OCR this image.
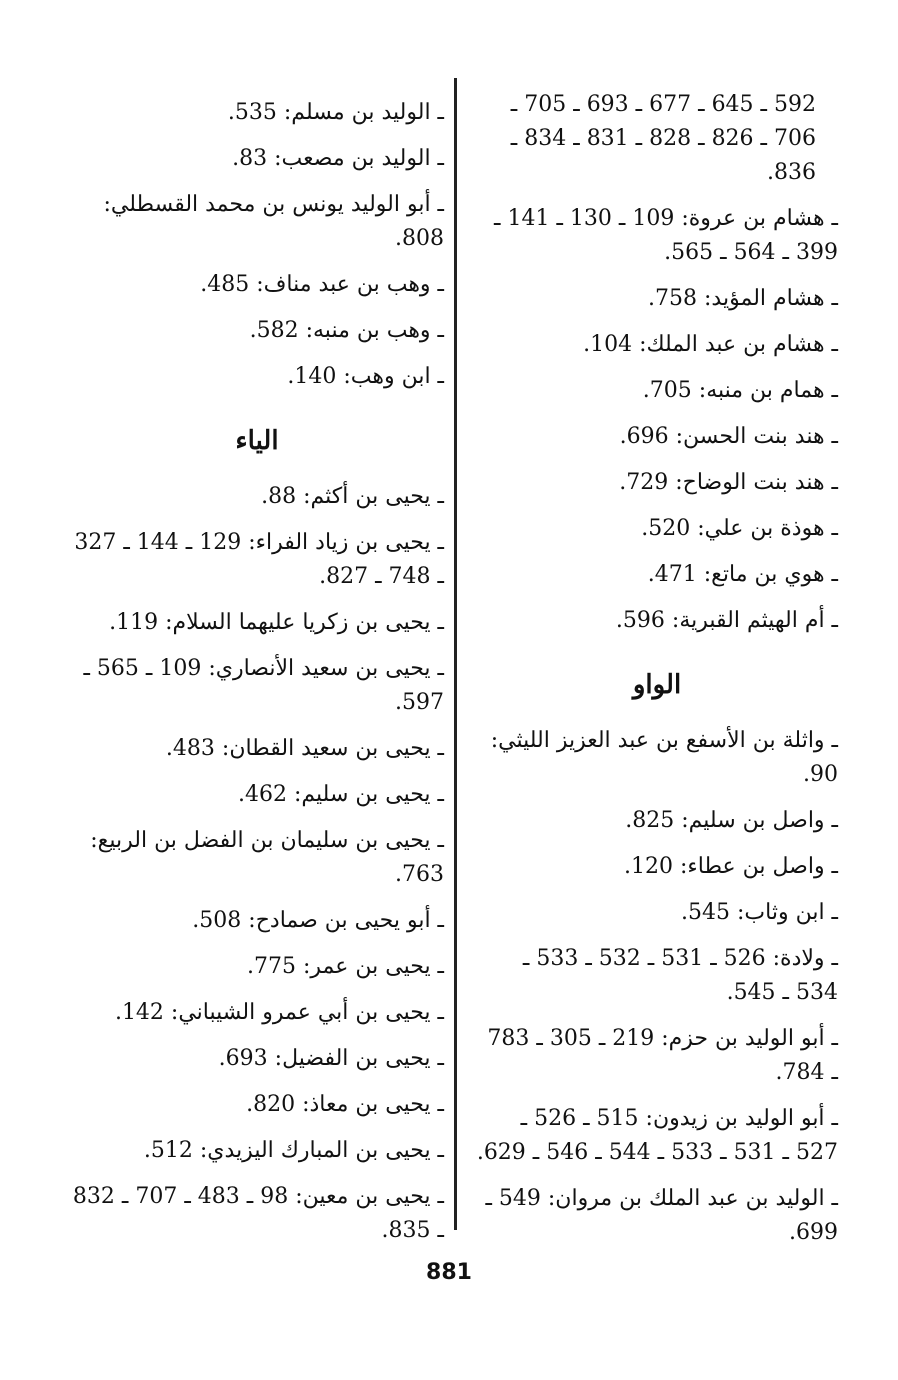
592 ـ 645 ـ 677 ـ 693 ـ 705 ـ 706 ـ 826 ـ 828 ـ 831 ـ 834 ـ 836.
ـ هشام بن عروة: 109 ـ 130 ـ 141 ـ 399 ـ 564 ـ 565.
ـ هشام المؤيد: 758.
ـ هشام بن عبد الملك: 104.
ـ همام بن منبه: 705.
ـ هند بنت الحسن: 696.
ـ هند بنت الوضاح: 729.
ـ هوذة بن علي: 520.
ـ هوي بن ماتع: 471.
ـ أم الهيثم القبرية: 596.
الواو
ـ واثلة بن الأسفع بن عبد العزيز الليثي: 90.
ـ واصل بن سليم: 825.
ـ واصل بن عطاء: 120.
ـ ابن وثاب: 545.
ـ ولادة: 526 ـ 531 ـ 532 ـ 533 ـ 534 ـ 545.
ـ أبو الوليد بن حزم: 219 ـ 305 ـ 783 ـ 784.
ـ أبو الوليد بن زيدون: 515 ـ 526 ـ 527 ـ 531 ـ 533 ـ 544 ـ 546 ـ 629.
ـ الوليد بن عبد الملك بن مروان: 549 ـ 699.
ـ الوليد بن مسلم: 535.
ـ الوليد بن مصعب: 83.
ـ أبو الوليد يونس بن محمد القسطلي: 808.
ـ وهب بن عبد مناف: 485.
ـ وهب بن منبه: 582.
ـ ابن وهب: 140.
الياء
ـ يحيى بن أكثم: 88.
ـ يحيى بن زياد الفراء: 129 ـ 144 ـ 327 ـ 748 ـ 827.
ـ يحيى بن زكريا عليهما السلام: 119.
ـ يحيى بن سعيد الأنصاري: 109 ـ 565 ـ 597.
ـ يحيى بن سعيد القطان: 483.
ـ يحيى بن سليم: 462.
ـ يحيى بن سليمان بن الفضل بن الربيع: 763.
ـ أبو يحيى بن صمادح: 508.
ـ يحيى بن عمر: 775.
ـ يحيى بن أبي عمرو الشيباني: 142.
ـ يحيى بن الفضيل: 693.
ـ يحيى بن معاذ: 820.
ـ يحيى بن المبارك اليزيدي: 512.
ـ يحيى بن معين: 98 ـ 483 ـ 707 ـ 832 ـ 835.
881
